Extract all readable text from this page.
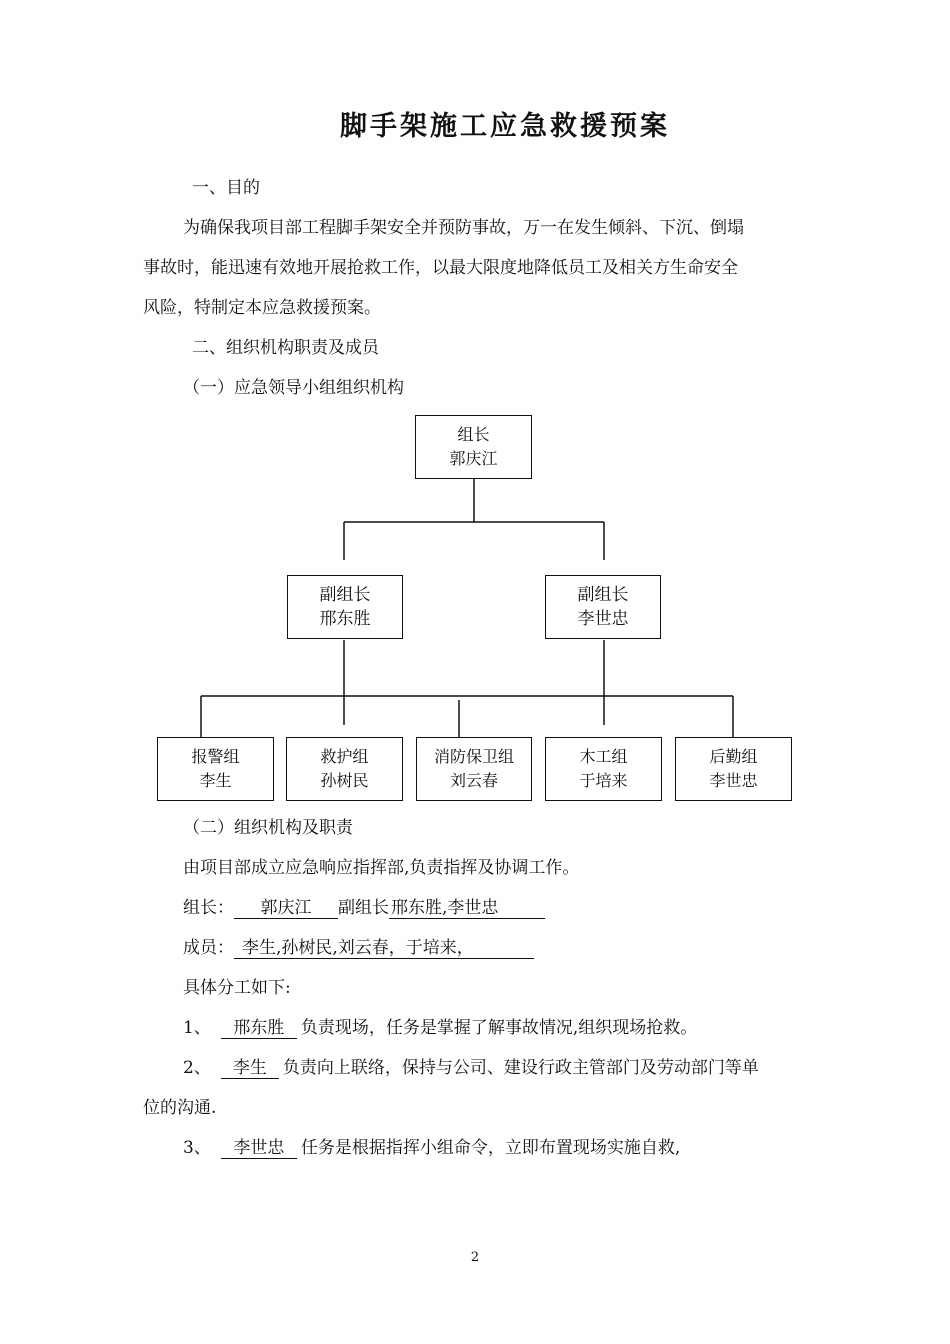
脚手架施工应急救援预案
一、目的
为确保我项目部工程脚手架安全并预防事故，万一在发生倾斜、下沉、倒塌
事故时，能迅速有效地开展抢救工作，以最大限度地降低员工及相关方生命安全
风险，特制定本应急救援预案。
二、组织机构职责及成员
（一）应急领导小组组织机构
组长
郭庆江
副组长
邢东胜
副组长
李世忠
报警组
李生
救护组
孙树民
消防保卫组
刘云春
木工组
于培来
后勤组
李世忠
（二）组织机构及职责
由项目部成立应急响应指挥部,负责指挥及协调工作。
组长： 郭庆江 副组长 邢东胜,李世忠
成员： 李生,孙树民,刘云春，于培来，
具体分工如下:
1、 邢东胜 负责现场，任务是掌握了解事故情况,组织现场抢救。
2、 李生 负责向上联络，保持与公司、建设行政主管部门及劳动部门等单
位的沟通.
3、 李世忠 任务是根据指挥小组命令，立即布置现场实施自救,
2
